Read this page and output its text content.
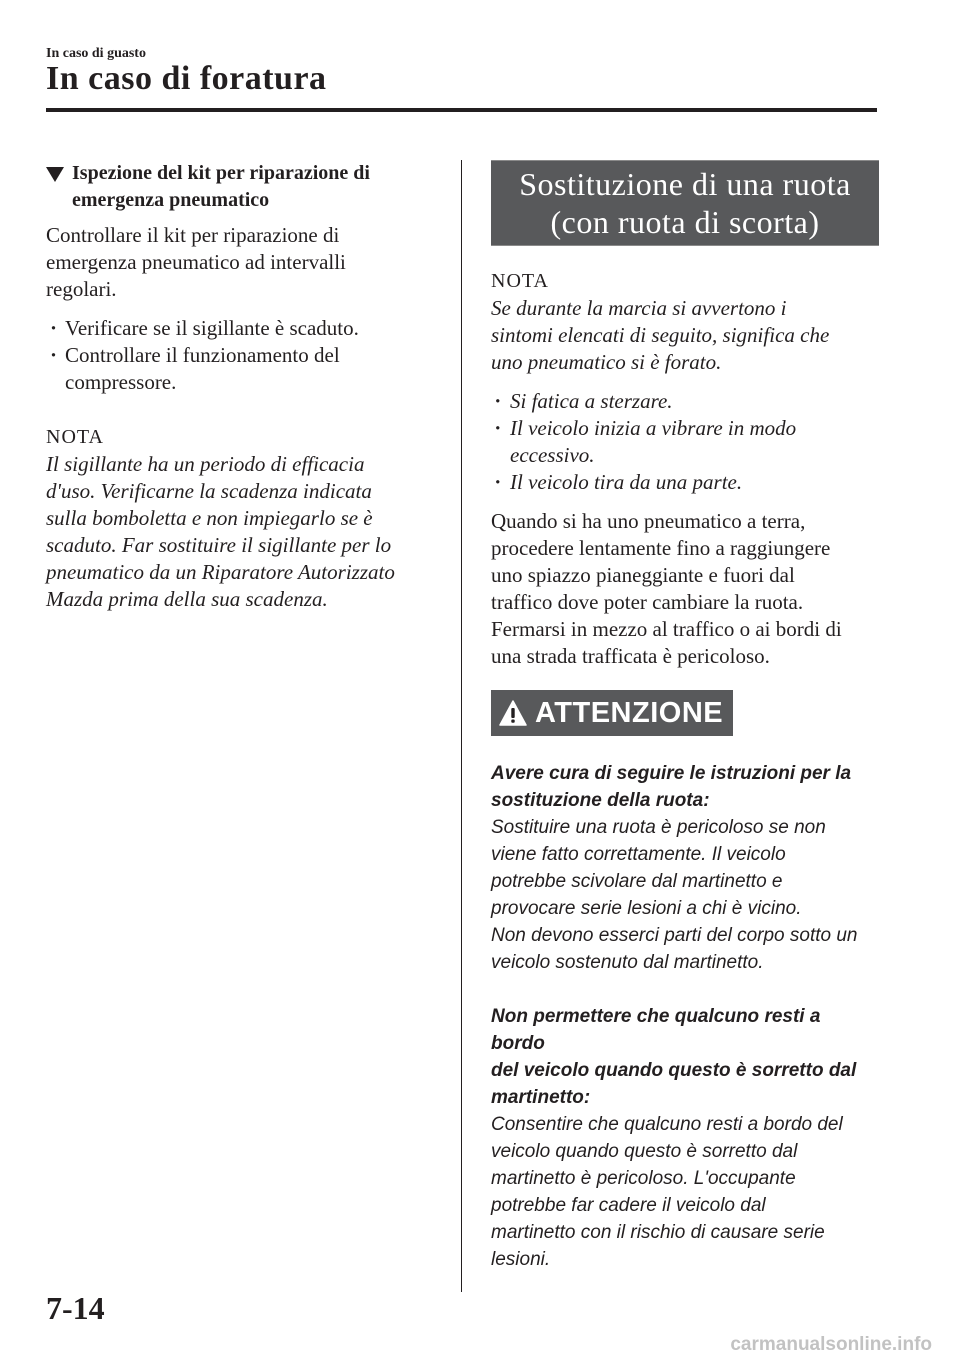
In caso di guasto
In caso di foratura
Ispezione del kit per riparazione di
emergenza pneumatico
Controllare il kit per riparazione di
emergenza pneumatico ad intervalli
regolari.
· Verificare se il sigillante è scaduto.
· Controllare il funzionamento del
compressore.
NOTA
Il sigillante ha un periodo di efficacia
d'uso. Verificarne la scadenza indicata
sulla bomboletta e non impiegarlo se è
scaduto. Far sostituire il sigillante per lo
pneumatico da un Riparatore Autorizzato
Mazda prima della sua scadenza.
Sostituzione di una ruota
(con ruota di scorta)
NOTA
Se durante la marcia si avvertono i
sintomi elencati di seguito, significa che
uno pneumatico si è forato.
· Si fatica a sterzare.
· Il veicolo inizia a vibrare in modo
eccessivo.
· Il veicolo tira da una parte.
Quando si ha uno pneumatico a terra,
procedere lentamente fino a raggiungere
uno spiazzo pianeggiante e fuori dal
traffico dove poter cambiare la ruota.
Fermarsi in mezzo al traffico o ai bordi di
una strada trafficata è pericoloso.
ATTENZIONE
Avere cura di seguire le istruzioni per la
sostituzione della ruota:
Sostituire una ruota è pericoloso se non
viene fatto correttamente. Il veicolo
potrebbe scivolare dal martinetto e
provocare serie lesioni a chi è vicino.
Non devono esserci parti del corpo sotto un
veicolo sostenuto dal martinetto.
Non permettere che qualcuno resti a bordo
del veicolo quando questo è sorretto dal
martinetto:
Consentire che qualcuno resti a bordo del
veicolo quando questo è sorretto dal
martinetto è pericoloso. L'occupante
potrebbe far cadere il veicolo dal
martinetto con il rischio di causare serie
lesioni.
7-14
carmanualsonline.info
